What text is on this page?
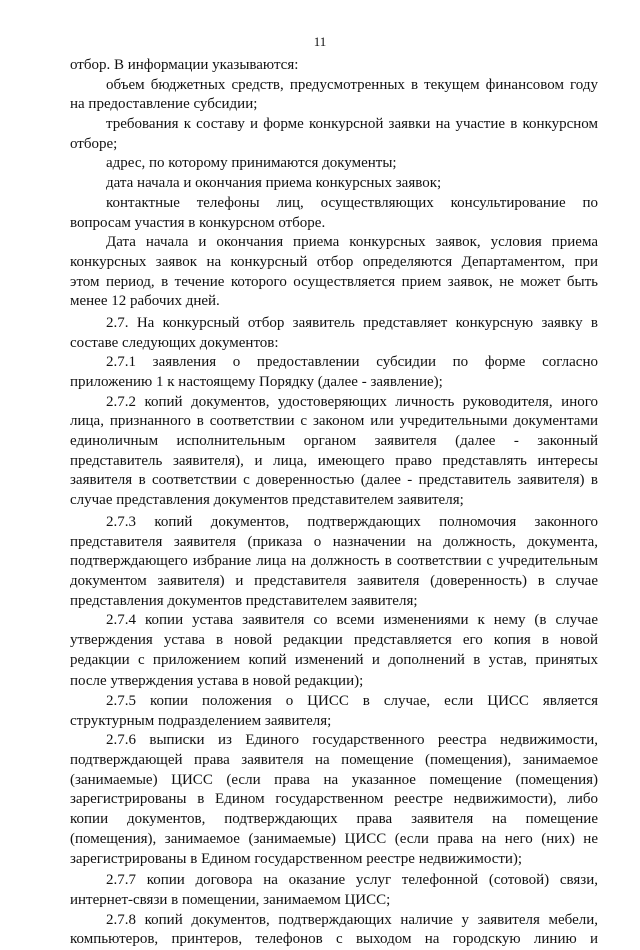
11
отбор. В информации указываются:
объем бюджетных средств, предусмотренных в текущем финансовом году
на предоставление субсидии;
требования к составу и форме конкурсной заявки на участие в конкурсном
отборе;
адрес, по которому принимаются документы;
дата начала и окончания приема конкурсных заявок;
контактные телефоны лиц, осуществляющих консультирование по
вопросам участия в конкурсном отборе.
Дата начала и окончания приема конкурсных заявок, условия приема
конкурсных заявок на конкурсный отбор определяются Департаментом, при
этом период, в течение которого осуществляется прием заявок, не может быть
менее 12 рабочих дней.
2.7. На конкурсный отбор заявитель представляет конкурсную заявку в
составе следующих документов:
2.7.1 заявления о предоставлении субсидии по форме согласно
приложению 1 к настоящему Порядку (далее - заявление);
2.7.2 копий документов, удостоверяющих личность руководителя, иного
лица, признанного в соответствии с законом или учредительными документами
единоличным исполнительным органом заявителя (далее - законный
представитель заявителя), и лица, имеющего право представлять интересы
заявителя в соответствии с доверенностью (далее - представитель заявителя) в
случае представления документов представителем заявителя;
2.7.3 копий документов, подтверждающих полномочия законного
представителя заявителя (приказа о назначении на должность, документа,
подтверждающего избрание лица на должность в соответствии с учредительным
документом заявителя) и представителя заявителя (доверенность) в случае
представления документов представителем заявителя;
2.7.4 копии устава заявителя со всеми изменениями к нему (в случае
утверждения устава в новой редакции представляется его копия в новой
редакции с приложением копий изменений и дополнений в устав, принятых
после утверждения устава в новой редакции);
2.7.5 копии положения о ЦИСС в случае, если ЦИСС является
структурным подразделением заявителя;
2.7.6 выписки из Единого государственного реестра недвижимости,
подтверждающей права заявителя на помещение (помещения), занимаемое
(занимаемые) ЦИСС (если права на указанное помещение (помещения)
зарегистрированы в Едином государственном реестре недвижимости), либо
копии документов, подтверждающих права заявителя на помещение
(помещения), занимаемое (занимаемые) ЦИСС (если права на него (них) не
зарегистрированы в Едином государственном реестре недвижимости);
2.7.7 копии договора на оказание услуг телефонной (сотовой) связи,
интернет-связи в помещении, занимаемом ЦИСС;
2.7.8 копий документов, подтверждающих наличие у заявителя мебели,
компьютеров, принтеров, телефонов с выходом на городскую линию и
